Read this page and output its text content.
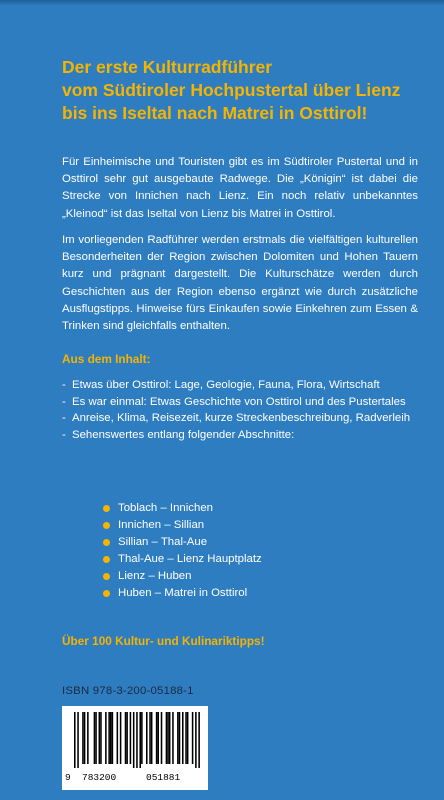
Der erste Kulturradführer
vom Südtiroler Hochpustertal über Lienz
bis ins Iseltal nach Matrei in Osttirol!
Für Einheimische und Touristen gibt es im Südtiroler Pustertal und in Osttirol sehr gut ausgebaute Radwege. Die „Königin“ ist dabei die Strecke von Innichen nach Lienz. Ein noch relativ unbekanntes „Kleinod“ ist das Iseltal von Lienz bis Matrei in Osttirol.
Im vorliegenden Radführer werden erstmals die vielfältigen kulturellen Besonderheiten der Region zwischen Dolomiten und Hohen Tauern kurz und prägnant dargestellt. Die Kulturschätze werden durch Geschichten aus der Region ebenso ergänzt wie durch zusätzliche Ausflugstipps. Hinweise fürs Einkaufen sowie Einkehren zum Essen & Trinken sind gleichfalls enthalten.
Aus dem Inhalt:
- Etwas über Osttirol: Lage, Geologie, Fauna, Flora, Wirtschaft
- Es war einmal: Etwas Geschichte von Osttirol und des Pustertales
- Anreise, Klima, Reisezeit, kurze Streckenbeschreibung, Radverleih
- Sehenswertes entlang folgender Abschnitte:
Toblach – Innichen
Innichen – Sillian
Sillian – Thal-Aue
Thal-Aue – Lienz Hauptplatz
Lienz – Huben
Huben – Matrei in Osttirol
Über 100 Kultur- und Kulinariktipps!
ISBN 978-3-200-05188-1
9 783200	051881
